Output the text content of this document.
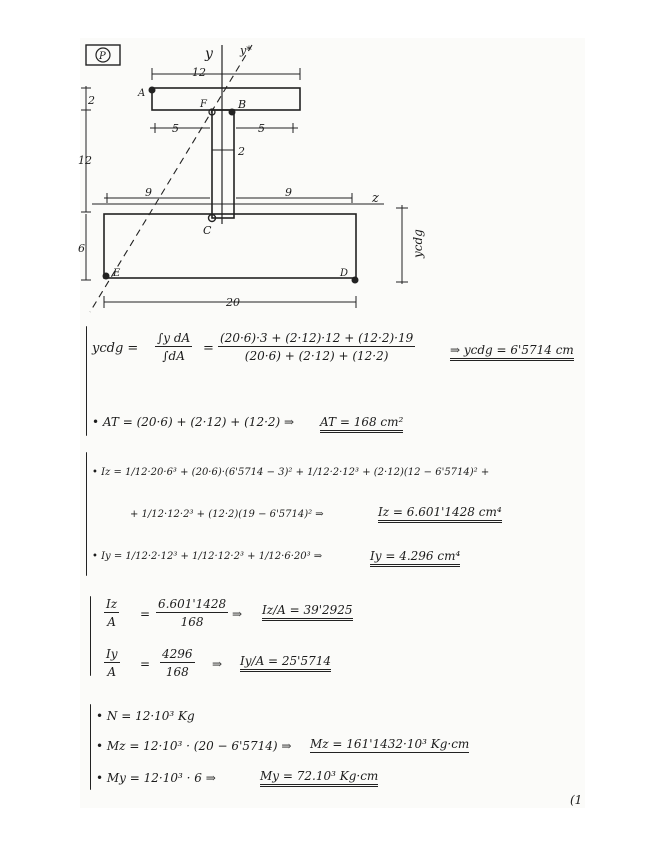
P	y y*
z
A
B
F
C
D
E
12
2
12
5	5
2
9	9
6
20
ycdg
ycdg = $\frac{\text{∫y dA}}{\int dA} = \frac{(20\cdot 6)\cdot 3 + (2\cdot 12)\cdot 12 + (12\cdot 2)\cdot 19}{(20\cdot 6) + (2\cdot 12) + (12\cdot 2)}$	⇒ ycdg = 6'5714 cm
• AT = (20·6) + (2·12) + (12·2) ⇒ AT = 168 cm²
• Iz = 1/12·20·6³ + (20·6)·(6'5714 − 3)² + 1/12·2·12³ + (2·12)(12 − 6'5714)² +
+ 1/12·12·2³ + (12·2)(19 − 6'5714)² ⇒	Iz = 6.601'1428 cm⁴
• Iy = 1/12·2·12³ + 1/12·12·2³ + 1/12·6·20³ ⇒	Iy = 4.296 cm⁴
$\frac{Iz}{A} = \frac{6.601'1428}{168}$ ⇒ Iz/A = 39'2925
$\frac{Iy}{A} = \frac{4296}{168}$ ⇒ Iy/A = 25'5714
• N = 12·10³ Kg
• Mz = 12·10³ · (20 − 6'5714) ⇒ Mz = 161'1432·10³ Kg·cm
• My = 12·10³ · 6 ⇒	My = 72.10³ Kg·cm
(1
